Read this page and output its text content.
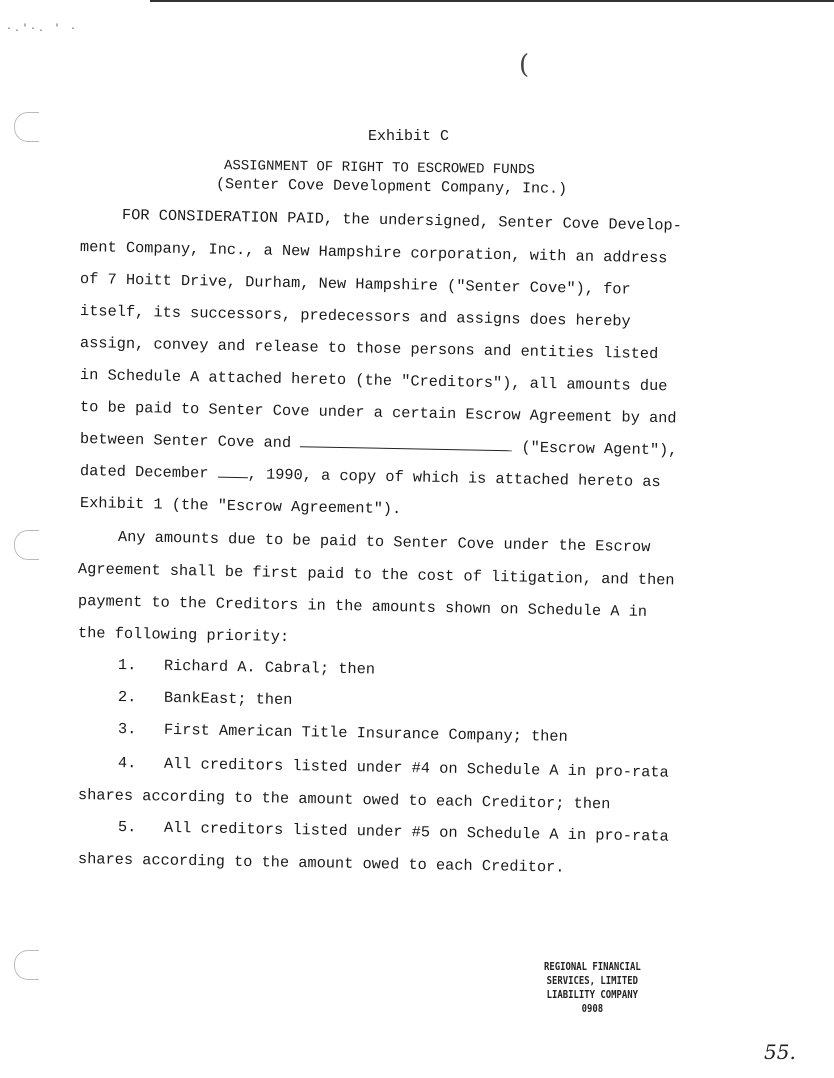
·.'·. ' ·
(
Exhibit C
ASSIGNMENT OF RIGHT TO ESCROWED FUNDS
(Senter Cove Development Company, Inc.)
FOR CONSIDERATION PAID, the undersigned, Senter Cove Develop-
ment Company, Inc., a New Hampshire corporation, with an address
of 7 Hoitt Drive, Durham, New Hampshire ("Senter Cove"), for
itself, its successors, predecessors and assigns does hereby
assign, convey and release to those persons and entities listed
in Schedule A attached hereto (the "Creditors"), all amounts due
to be paid to Senter Cove under a certain Escrow Agreement by and
between Senter Cove and	("Escrow Agent"),
dated December , 1990, a copy of which is attached hereto as
Exhibit 1 (the "Escrow Agreement").
Any amounts due to be paid to Senter Cove under the Escrow
Agreement shall be first paid to the cost of litigation, and then
payment to the Creditors in the amounts shown on Schedule A in
the following priority:
1.   Richard A. Cabral; then
2.   BankEast; then
3.   First American Title Insurance Company; then
4.   All creditors listed under #4 on Schedule A in pro-rata
shares according to the amount owed to each Creditor; then
5.   All creditors listed under #5 on Schedule A in pro-rata
shares according to the amount owed to each Creditor.
REGIONAL FINANCIAL
SERVICES, LIMITED
LIABILITY COMPANY
0908
55.
